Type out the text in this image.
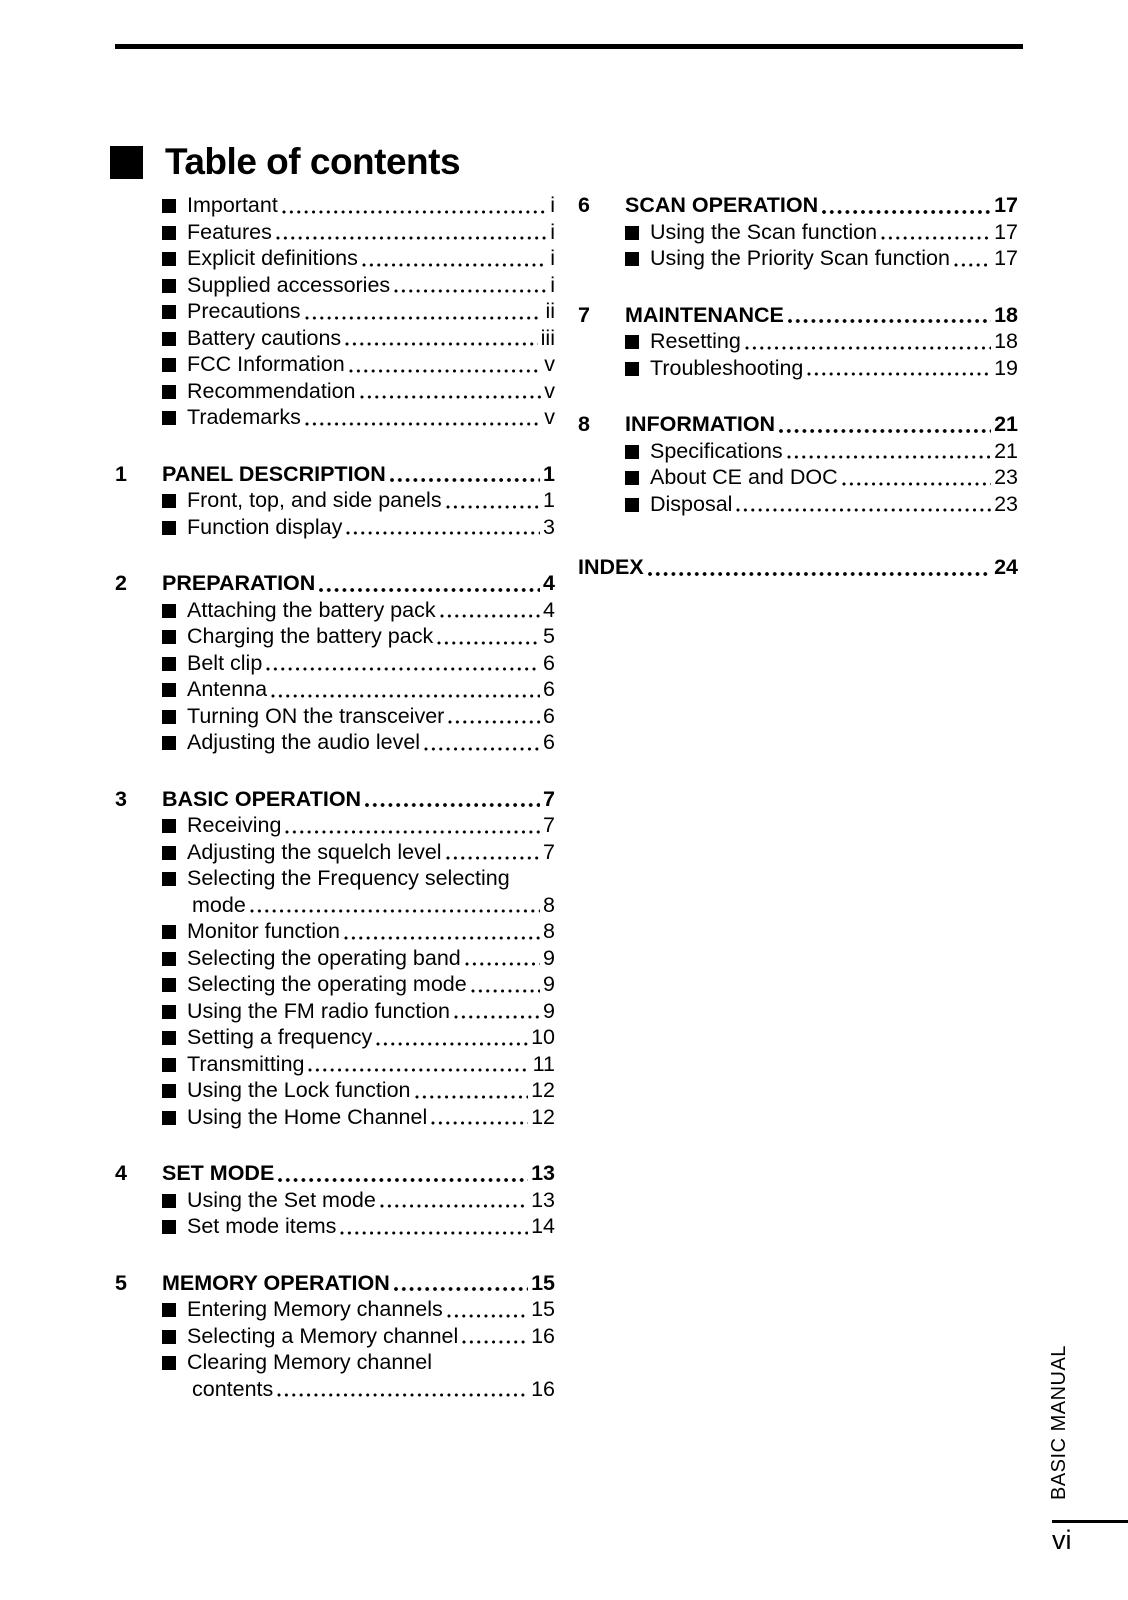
Table of contents
Important	i
Features	i
Explicit definitions	i
Supplied accessories	i
Precautions	ii
Battery cautions	iii
FCC Information	v
Recommendation	v
Trademarks	v
1	PANEL DESCRIPTION	1
Front, top, and side panels	1
Function display	3
2	PREPARATION	4
Attaching the battery pack	4
Charging the battery pack	5
Belt clip	6
Antenna	6
Turning ON the transceiver	6
Adjusting the audio level	6
3	BASIC OPERATION	7
Receiving	7
Adjusting the squelch level	7
Selecting the Frequency selecting
mode	8
Monitor function	8
Selecting the operating band	9
Selecting the operating mode	9
Using the FM radio function	9
Setting a frequency	10
Transmitting	11
Using the Lock function	12
Using the Home Channel	12
4	SET MODE	13
Using the Set mode	13
Set mode items	14
5	MEMORY OPERATION	15
Entering Memory channels	15
Selecting a Memory channel	16
Clearing Memory channel
contents	16
6	SCAN OPERATION	17
Using the Scan function	17
Using the Priority Scan function 17
7	MAINTENANCE	18
Resetting	18
Troubleshooting	19
8	INFORMATION	21
Specifications	21
About CE and DOC	23
Disposal	23
INDEX	24
BASIC MANUAL
vi
